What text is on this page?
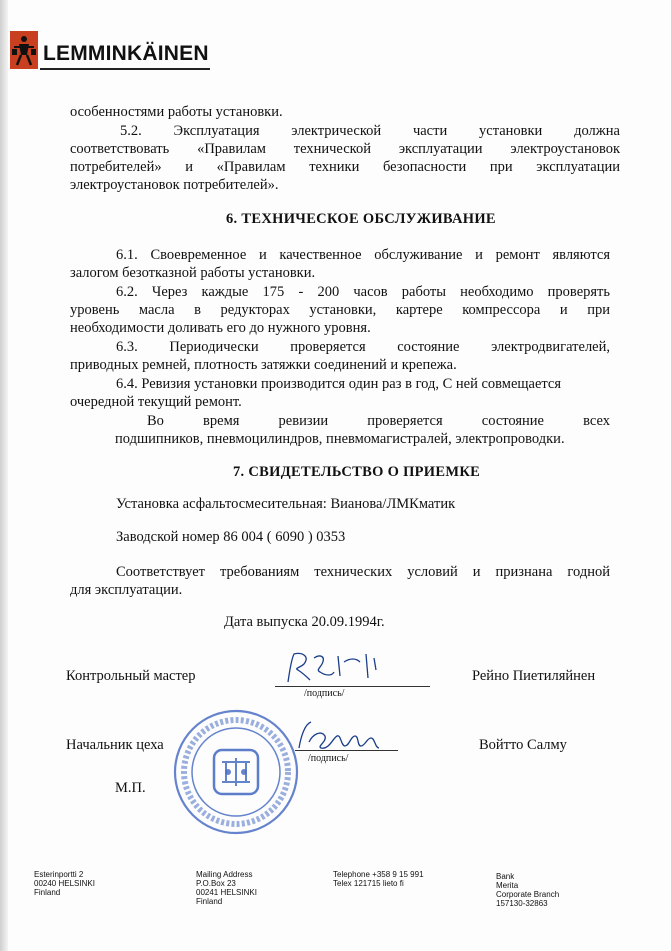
LEMMINKÄINEN
особенностями работы установки.
5.2. Эксплуатация электрической части установки должна
соответствовать «Правилам технической эксплуатации электроустановок
потребителей» и «Правилам техники безопасности при эксплуатации
электроустановок потребителей».
6. ТЕХНИЧЕСКОЕ ОБСЛУЖИВАНИЕ
6.1. Своевременное и качественное обслуживание и ремонт являются
залогом безотказной работы установки.
6.2. Через каждые 175 - 200 часов работы необходимо проверять
уровень масла в редукторах установки, картере компрессора и при
необходимости доливать его до нужного уровня.
6.3. Периодически проверяется состояние электродвигателей,
приводных ремней, плотность затяжки соединений и крепежа.
6.4. Ревизия установки производится один раз в год, С ней совмещается
очередной текущий ремонт.
Во время ревизии проверяется состояние всех
подшипников, пневмоцилиндров, пневмомагистралей, электропроводки.
7. СВИДЕТЕЛЬСТВО О ПРИЕМКЕ
Установка асфальтосмесительная: Вианова/ЛМКматик
Заводской номер 86 004 ( 6090 ) 0353
Соответствует требованиям технических условий и признана годной
для эксплуатации.
Дата выпуска 20.09.1994г.
Контрольный мастер
/подпись/
Рейно Пиетиляйнен
Начальник цеха
/подпись/
Войтто Салму
М.П.
Esterinportti 2
00240 HELSINKI
Finland
Mailing Address
P.O.Box 23
00241 HELSINKI
Finland
Telephone +358 9 15 991
Telex 121715 lieto fi
Bank
Merita
Corporate Branch
157130-32863
